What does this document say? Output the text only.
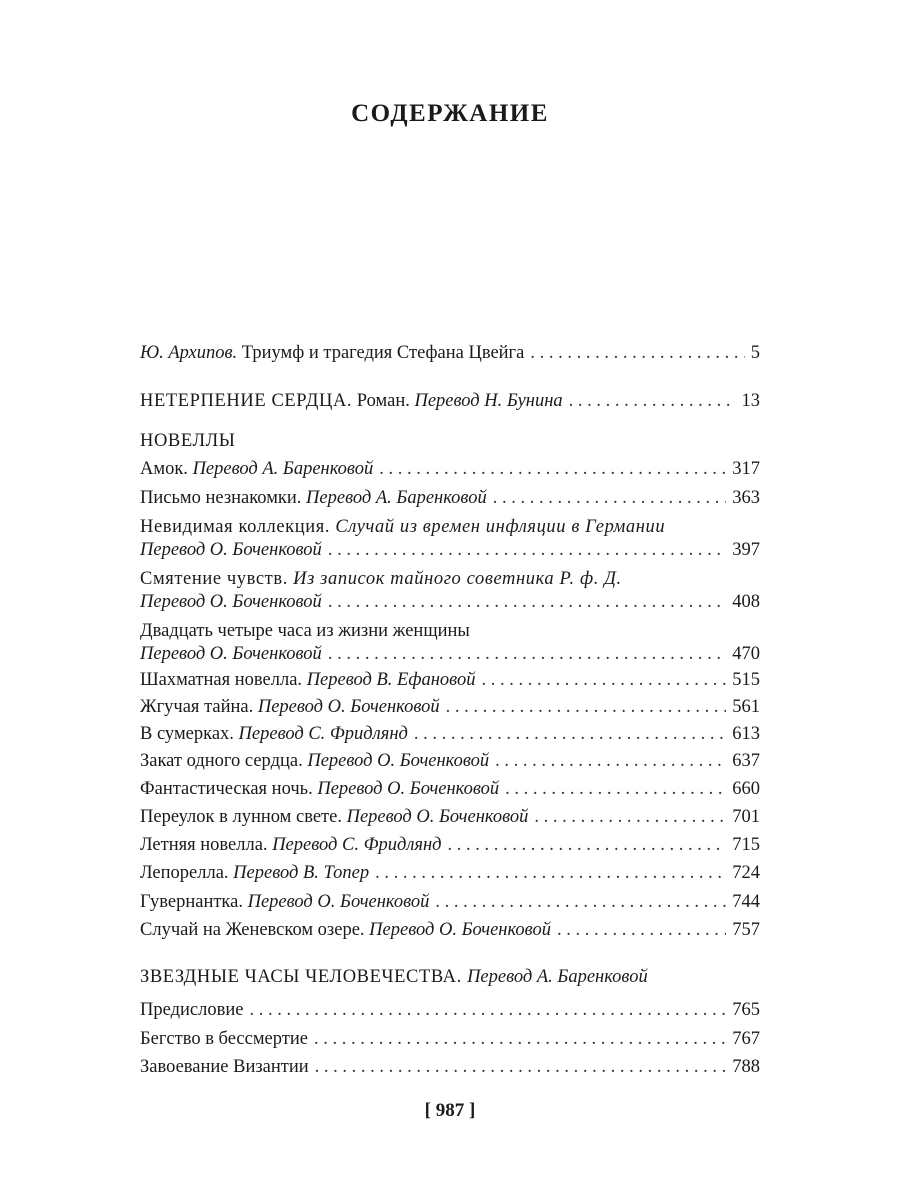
СОДЕРЖАНИЕ
Ю. Архипов. Триумф и трагедия Стефана Цвейга . . .	5
НЕТЕРПЕНИЕ СЕРДЦА. Роман. Перевод Н. Бунина . . .	13
НОВЕЛЛЫ
Амок. Перевод А. Баренковой . . .	317
Письмо незнакомки. Перевод А. Баренковой . . .	363
Невидимая коллекция. Случай из времен инфляции в Германии
Перевод О. Боченковой . . .	397
Смятение чувств. Из записок тайного советника Р. ф. Д.
Перевод О. Боченковой . . .	408
Двадцать четыре часа из жизни женщины
Перевод О. Боченковой . . .	470
Шахматная новелла. Перевод В. Ефановой . . .	515
Жгучая тайна. Перевод О. Боченковой . . .	561
В сумерках. Перевод С. Фридлянд . . .	613
Закат одного сердца. Перевод О. Боченковой . . .	637
Фантастическая ночь. Перевод О. Боченковой . . .	660
Переулок в лунном свете. Перевод О. Боченковой . . .	701
Летняя новелла. Перевод С. Фридлянд . . .	715
Лепорелла. Перевод В. Топер . . .	724
Гувернантка. Перевод О. Боченковой . . .	744
Случай на Женевском озере. Перевод О. Боченковой . . .	757
ЗВЕЗДНЫЕ ЧАСЫ ЧЕЛОВЕЧЕСТВА. Перевод А. Баренковой
Предисловие . . .	765
Бегство в бессмертие . . .	767
Завоевание Византии . . .	788
[ 987 ]
